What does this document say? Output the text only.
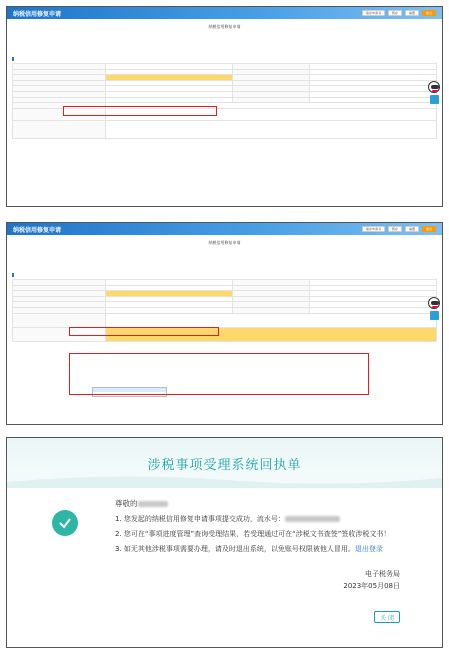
纳税信用修复申请	保存申请书	暂存	重置	提交
纳税信用修复申请

纳税信用修复申请	保存申请书	暂存	重置	提交
纳税信用修复申请

涉税事项受理系统回执单
尊敬的
1. 您发起的纳税信用修复申请事项提交成功，流水号：
2. 您可在“事项进度管理”查询受理结果，若受理通过可在“涉税文书查签”签收涉税文书！
3. 如无其他涉税事项需要办理，请及时退出系统，以免账号权限被他人冒用。退出登录
电子税务局
2023年05月08日
关 闭
